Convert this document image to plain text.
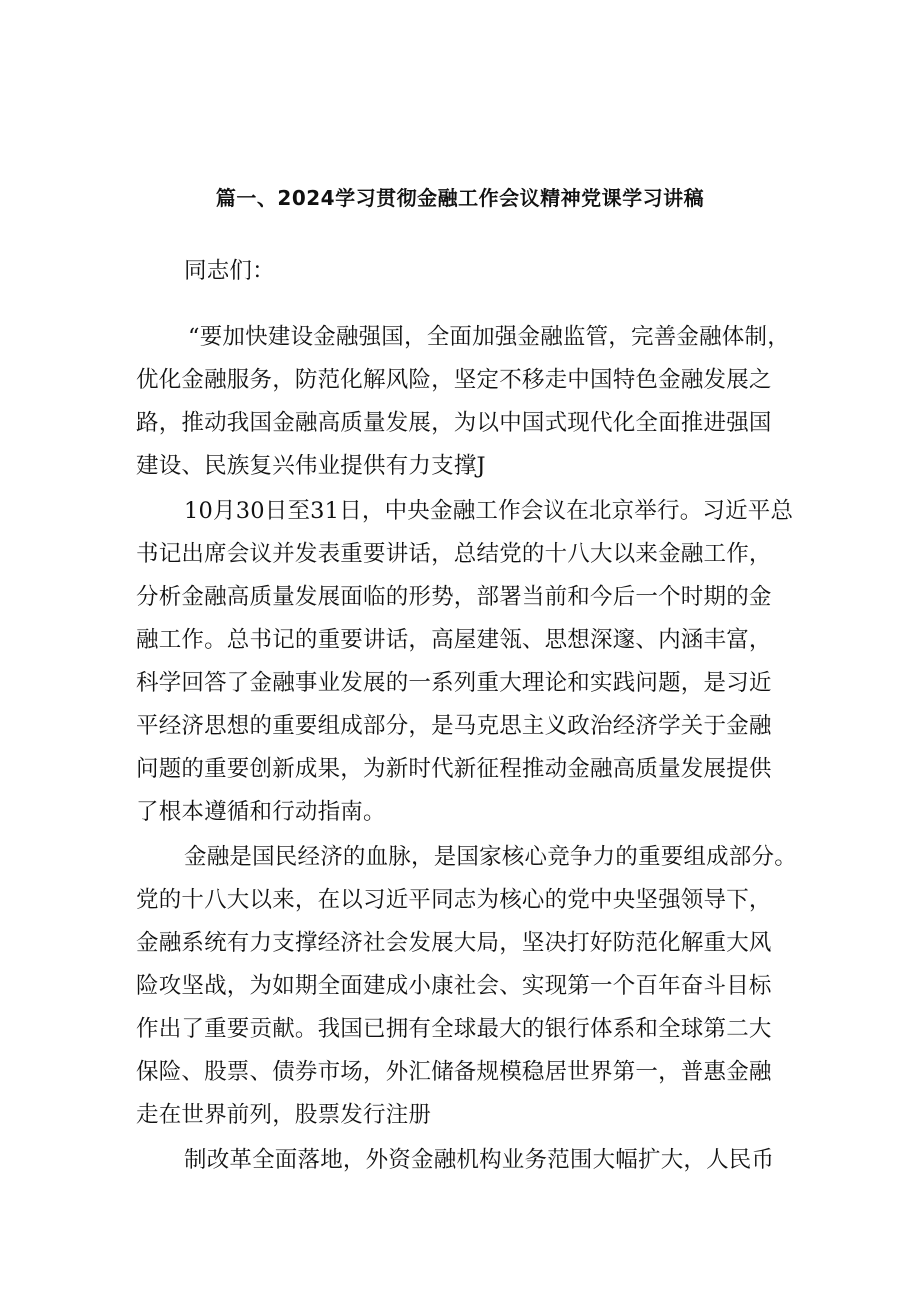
篇一、2024学习贯彻金融工作会议精神党课学习讲稿
同志们：
“要加快建设金融强国，全面加强金融监管，完善金融体制，
优化金融服务，防范化解风险，坚定不移走中国特色金融发展之
路，推动我国金融高质量发展，为以中国式现代化全面推进强国
建设、民族复兴伟业提供有力支撑J
10月30日至31日，中央金融工作会议在北京举行。习近平总
书记出席会议并发表重要讲话，总结党的十八大以来金融工作，
分析金融高质量发展面临的形势，部署当前和今后一个时期的金
融工作。总书记的重要讲话，高屋建瓴、思想深邃、内涵丰富，
科学回答了金融事业发展的一系列重大理论和实践问题，是习近
平经济思想的重要组成部分，是马克思主义政治经济学关于金融
问题的重要创新成果，为新时代新征程推动金融高质量发展提供
了根本遵循和行动指南。
金融是国民经济的血脉，是国家核心竞争力的重要组成部分。
党的十八大以来，在以习近平同志为核心的党中央坚强领导下，
金融系统有力支撑经济社会发展大局，坚决打好防范化解重大风
险攻坚战，为如期全面建成小康社会、实现第一个百年奋斗目标
作出了重要贡献。我国已拥有全球最大的银行体系和全球第二大
保险、股票、债券市场，外汇储备规模稳居世界第一，普惠金融
走在世界前列，股票发行注册
制改革全面落地，外资金融机构业务范围大幅扩大，人民币
